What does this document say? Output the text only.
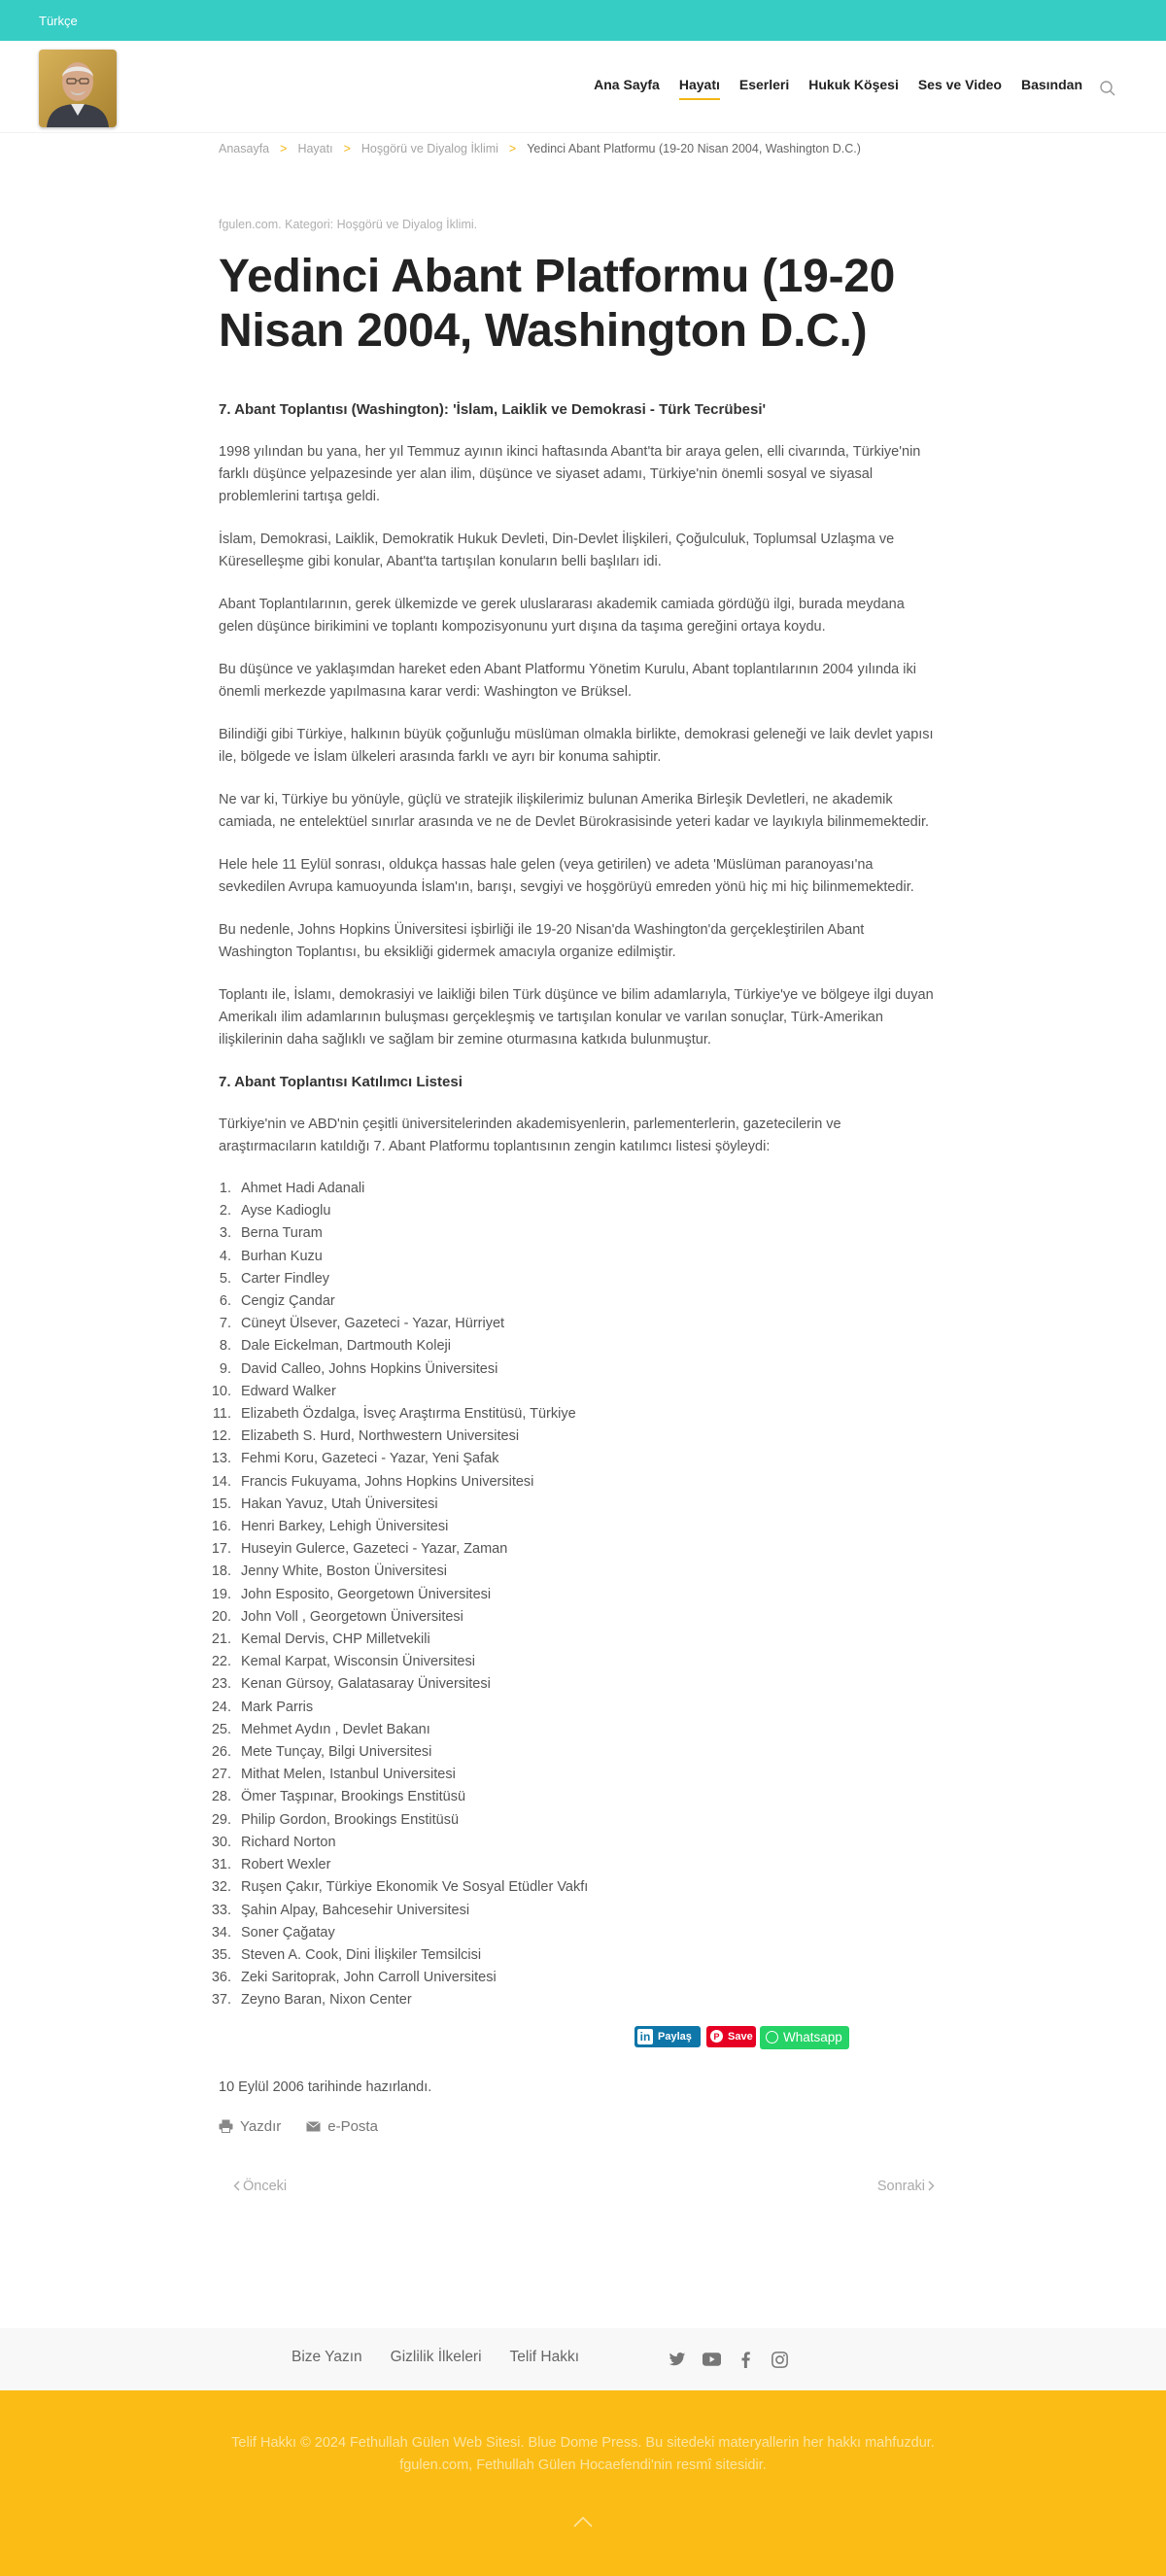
Türkçe
Ana Sayfa Hayatı Eserleri Hukuk Köşesi Ses ve Video Basından
Anasayfa > Hayatı > Hoşgörü ve Diyalog İklimi > Yedinci Abant Platformu (19-20 Nisan 2004, Washington D.C.)
fgulen.com. Kategori: Hoşgörü ve Diyalog İklimi.
Yedinci Abant Platformu (19-20 Nisan 2004, Washington D.C.)
7. Abant Toplantısı (Washington): 'İslam, Laiklik ve Demokrasi - Türk Tecrübesi'

1998 yılından bu yana, her yıl Temmuz ayının ikinci haftasında Abant'ta bir araya gelen, elli civarında, Türkiye'nin farklı düşünce yelpazesinde yer alan ilim, düşünce ve siyaset adamı, Türkiye'nin önemli sosyal ve siyasal problemlerini tartışa geldi.

İslam, Demokrasi, Laiklik, Demokratik Hukuk Devleti, Din-Devlet İlişkileri, Çoğulculuk, Toplumsal Uzlaşma ve Küreselleşme gibi konular, Abant'ta tartışılan konuların belli başlıları idi.

Abant Toplantılarının, gerek ülkemizde ve gerek uluslararası akademik camiada gördüğü ilgi, burada meydana gelen düşünce birikimini ve toplantı kompozisyonunu yurt dışına da taşıma gereğini ortaya koydu.

Bu düşünce ve yaklaşımdan hareket eden Abant Platformu Yönetim Kurulu, Abant toplantılarının 2004 yılında iki önemli merkezde yapılmasına karar verdi: Washington ve Brüksel.

Bilindiği gibi Türkiye, halkının büyük çoğunluğu müslüman olmakla birlikte, demokrasi geleneği ve laik devlet yapısı ile, bölgede ve İslam ülkeleri arasında farklı ve ayrı bir konuma sahiptir.

Ne var ki, Türkiye bu yönüyle, güçlü ve stratejik ilişkilerimiz bulunan Amerika Birleşik Devletleri, ne akademik camiada, ne entelektüel sınırlar arasında ve ne de Devlet Bürokrasisinde yeteri kadar ve layıkıyla bilinmemektedir.

Hele hele 11 Eylül sonrası, oldukça hassas hale gelen (veya getirilen) ve adeta 'Müslüman paranoyası'na sevkedilen Avrupa kamuoyunda İslam'ın, barışı, sevgiyi ve hoşgörüyü emreden yönü hiç mi hiç bilinmemektedir.

Bu nedenle, Johns Hopkins Üniversitesi işbirliği ile 19-20 Nisan'da Washington'da gerçekleştirilen Abant Washington Toplantısı, bu eksikliği gidermek amacıyla organize edilmiştir.

Toplantı ile, İslamı, demokrasiyi ve laikliği bilen Türk düşünce ve bilim adamlarıyla, Türkiye'ye ve bölgeye ilgi duyan Amerikalı ilim adamlarının buluşması gerçekleşmiş ve tartışılan konular ve varılan sonuçlar, Türk-Amerikan ilişkilerinin daha sağlıklı ve sağlam bir zemine oturmasına katkıda bulunmuştur.

7. Abant Toplantısı Katılımcı Listesi

Türkiye'nin ve ABD'nin çeşitli üniversitelerinden akademisyenlerin, parlementerlerin, gazetecilerin ve araştırmacıların katıldığı 7. Abant Platformu toplantısının zengin katılımcı listesi şöyleydi:

1. Ahmet Hadi Adanali
2. Ayse Kadioglu
3. Berna Turam
4. Burhan Kuzu
5. Carter Findley
6. Cengiz Çandar
7. Cüneyt Ülsever, Gazeteci - Yazar, Hürriyet
8. Dale Eickelman, Dartmouth Koleji
9. David Calleo, Johns Hopkins Üniversitesi
10. Edward Walker
11. Elizabeth Özdalga, İsveç Araştırma Enstitüsü, Türkiye
12. Elizabeth S. Hurd, Northwestern Universitesi
13. Fehmi Koru, Gazeteci - Yazar, Yeni Şafak
14. Francis Fukuyama, Johns Hopkins Universitesi
15. Hakan Yavuz, Utah Üniversitesi
16. Henri Barkey, Lehigh Üniversitesi
17. Huseyin Gulerce, Gazeteci - Yazar, Zaman
18. Jenny White, Boston Üniversitesi
19. John Esposito, Georgetown Üniversitesi
20. John Voll , Georgetown Üniversitesi
21. Kemal Dervis, CHP Milletvekili
22. Kemal Karpat, Wisconsin Üniversitesi
23. Kenan Gürsoy, Galatasaray Üniversitesi
24. Mark Parris
25. Mehmet Aydın , Devlet Bakanı
26. Mete Tunçay, Bilgi Universitesi
27. Mithat Melen, Istanbul Universitesi
28. Ömer Taşpınar, Brookings Enstitüsü
29. Philip Gordon, Brookings Enstitüsü
30. Richard Norton
31. Robert Wexler
32. Ruşen Çakır, Türkiye Ekonomik Ve Sosyal Etüdler Vakfı
33. Şahin Alpay, Bahcesehir Universitesi
34. Soner Çağatay
35. Steven A. Cook, Dini İlişkiler Temsilcisi
36. Zeki Saritoprak, John Carroll Universitesi
37. Zeyno Baran, Nixon Center
in Paylaş	P Save Whatsapp

10 Eylül 2006 tarihinde hazırlandı.

Yazdır	e-Posta
Önceki	Sonraki
Bize Yazın Gizlilik İlkeleri Telif Hakkı
Telif Hakkı © 2024 Fethullah Gülen Web Sitesi. Blue Dome Press. Bu sitedeki materyallerin her hakkı mahfuzdur.
fgulen.com, Fethullah Gülen Hocaefendi'nin resmî sitesidir.
